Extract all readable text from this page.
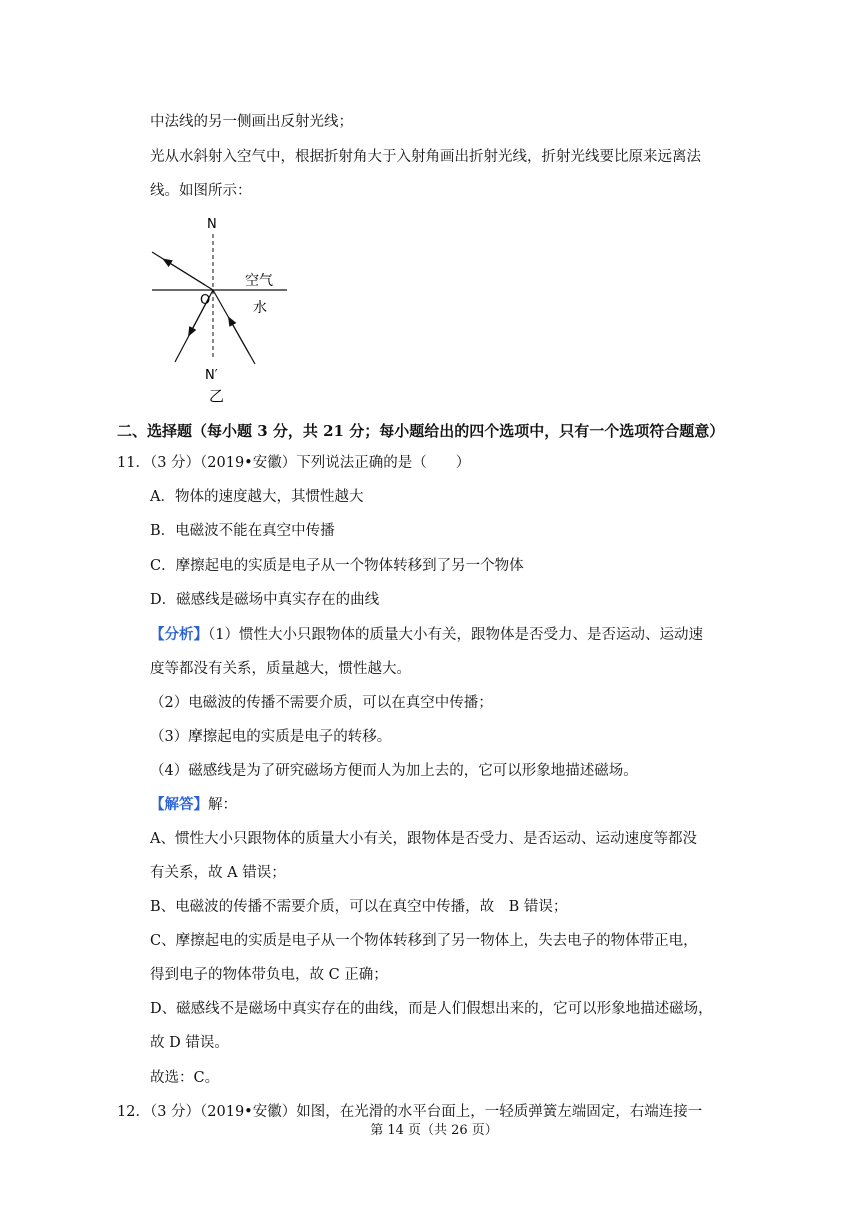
中法线的另一侧画出反射光线；
光从水斜射入空气中，根据折射角大于入射角画出折射光线，折射光线要比原来远离法
线。如图所示：
N
O
空气
水
N′
乙
二、选择题（每小题 3 分，共 21 分；每小题给出的四个选项中，只有一个选项符合题意）
11．（3 分）（2019•安徽）下列说法正确的是（　　）
A．物体的速度越大，其惯性越大
B．电磁波不能在真空中传播
C．摩擦起电的实质是电子从一个物体转移到了另一个物体
D．磁感线是磁场中真实存在的曲线
【分析】（1）惯性大小只跟物体的质量大小有关，跟物体是否受力、是否运动、运动速
度等都没有关系，质量越大，惯性越大。
（2）电磁波的传播不需要介质，可以在真空中传播；
（3）摩擦起电的实质是电子的转移。
（4）磁感线是为了研究磁场方便而人为加上去的，它可以形象地描述磁场。
【解答】解：
A、惯性大小只跟物体的质量大小有关，跟物体是否受力、是否运动、运动速度等都没
有关系，故 A 错误；
B、电磁波的传播不需要介质，可以在真空中传播，故　B 错误；
C、摩擦起电的实质是电子从一个物体转移到了另一物体上，失去电子的物体带正电，
得到电子的物体带负电，故 C 正确；
D、磁感线不是磁场中真实存在的曲线，而是人们假想出来的，它可以形象地描述磁场，
故 D 错误。
故选：C。
12．（3 分）（2019•安徽）如图，在光滑的水平台面上，一轻质弹簧左端固定，右端连接一
第 14 页（共 26 页）
